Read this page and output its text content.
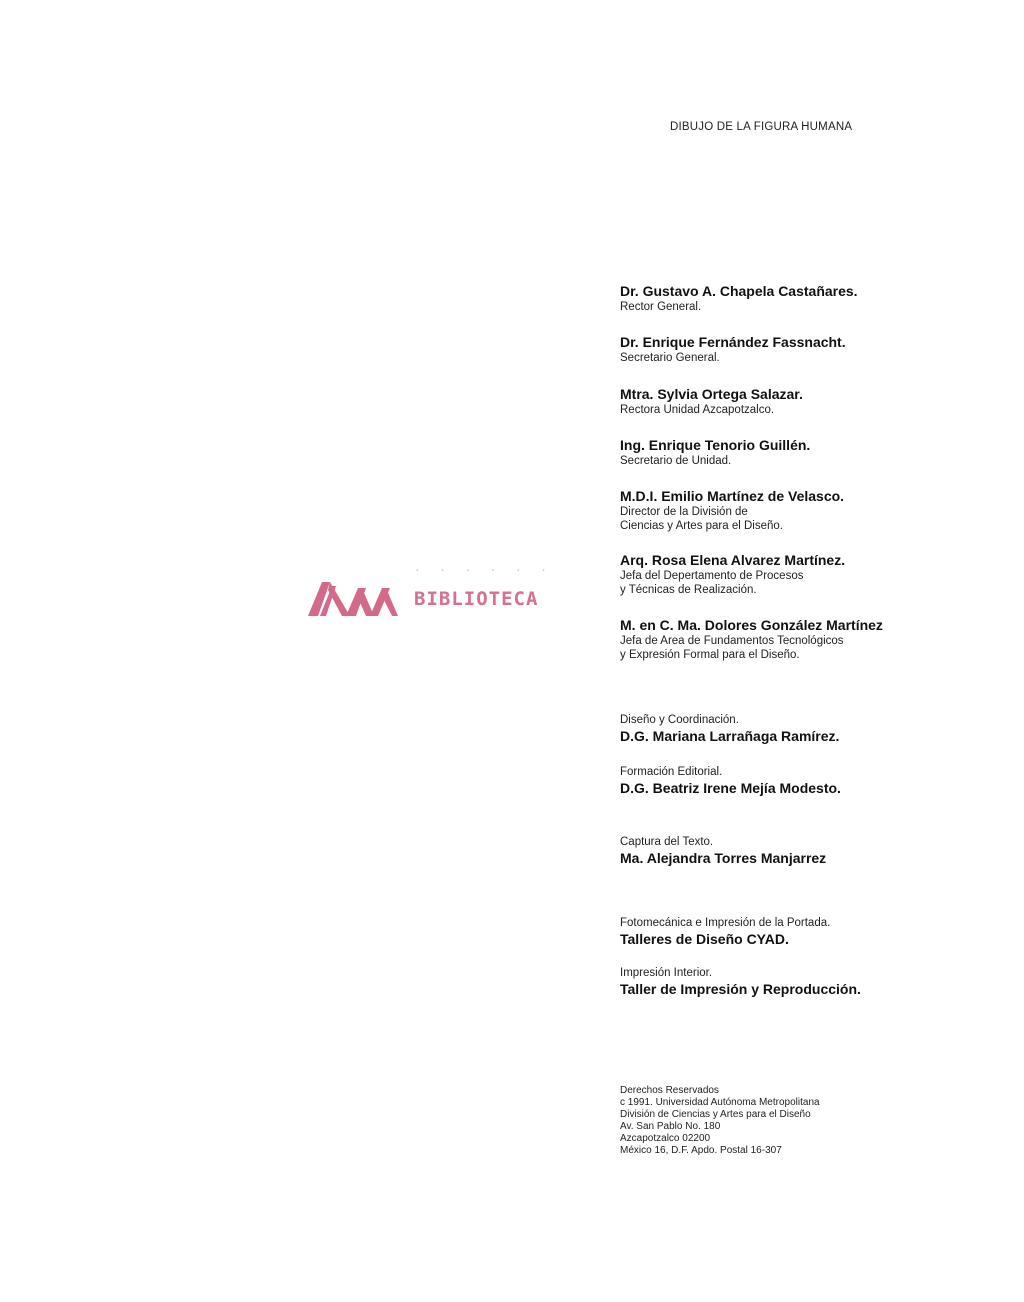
DIBUJO DE LA FIGURA HUMANA
Dr. Gustavo A. Chapela Castañares.
Rector General.
Dr. Enrique Fernández Fassnacht.
Secretario General.
Mtra. Sylvia Ortega Salazar.
Rectora Unidad Azcapotzalco.
Ing. Enrique Tenorio Guillén.
Secretario de Unidad.
M.D.I. Emilio Martínez de Velasco.
Director de la División de
Ciencias y Artes para el Diseño.
Arq. Rosa Elena Alvarez Martínez.
Jefa del Depertamento de Procesos
y Técnicas de Realización.
M. en C. Ma. Dolores González Martínez
Jefa de Area de Fundamentos Tecnológicos
y Expresión Formal para el Diseño.
Diseño y Coordinación.
D.G. Mariana Larrañaga Ramírez.
Formación Editorial.
D.G. Beatriz Irene Mejía Modesto.
Captura del Texto.
Ma. Alejandra Torres Manjarrez
Fotomecánica e Impresión de la Portada.
Talleres de Diseño CYAD.
Impresión Interior.
Taller de Impresión y Reproducción.
Derechos Reservados
c 1991. Universidad Autónoma Metropolitana
División de Ciencias y Artes para el Diseño
Av. San Pablo No. 180
Azcapotzalco 02200
México 16, D.F. Apdo. Postal 16-307
· · · · · ·
BIBLIOTECA
